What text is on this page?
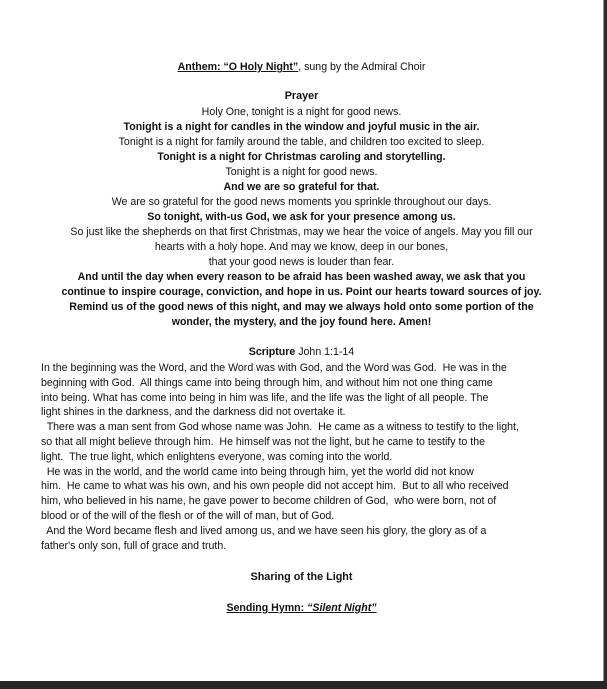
Anthem: “O Holy Night”, sung by the Admiral Choir
Prayer
Holy One, tonight is a night for good news.
Tonight is a night for candles in the window and joyful music in the air.
Tonight is a night for family around the table, and children too excited to sleep.
Tonight is a night for Christmas caroling and storytelling.
Tonight is a night for good news.
And we are so grateful for that.
We are so grateful for the good news moments you sprinkle throughout our days.
So tonight, with-us God, we ask for your presence among us.
So just like the shepherds on that first Christmas, may we hear the voice of angels. May you fill our
hearts with a holy hope. And may we know, deep in our bones,
that your good news is louder than fear.
And until the day when every reason to be afraid has been washed away, we ask that you
continue to inspire courage, conviction, and hope in us. Point our hearts toward sources of joy.
Remind us of the good news of this night, and may we always hold onto some portion of the
wonder, the mystery, and the joy found here. Amen!
Scripture John 1:1-14
In the beginning was the Word, and the Word was with God, and the Word was God.  He was in the
beginning with God.  All things came into being through him, and without him not one thing came
into being. What has come into being in him was life, and the life was the light of all people. The
light shines in the darkness, and the darkness did not overtake it.
There was a man sent from God whose name was John.  He came as a witness to testify to the light,
so that all might believe through him.  He himself was not the light, but he came to testify to the
light.  The true light, which enlightens everyone, was coming into the world.
He was in the world, and the world came into being through him, yet the world did not know
him.  He came to what was his own, and his own people did not accept him.  But to all who received
him, who believed in his name, he gave power to become children of God,  who were born, not of
blood or of the will of the flesh or of the will of man, but of God.
And the Word became flesh and lived among us, and we have seen his glory, the glory as of a
father's only son, full of grace and truth.
Sharing of the Light
Sending Hymn: “Silent Night”
